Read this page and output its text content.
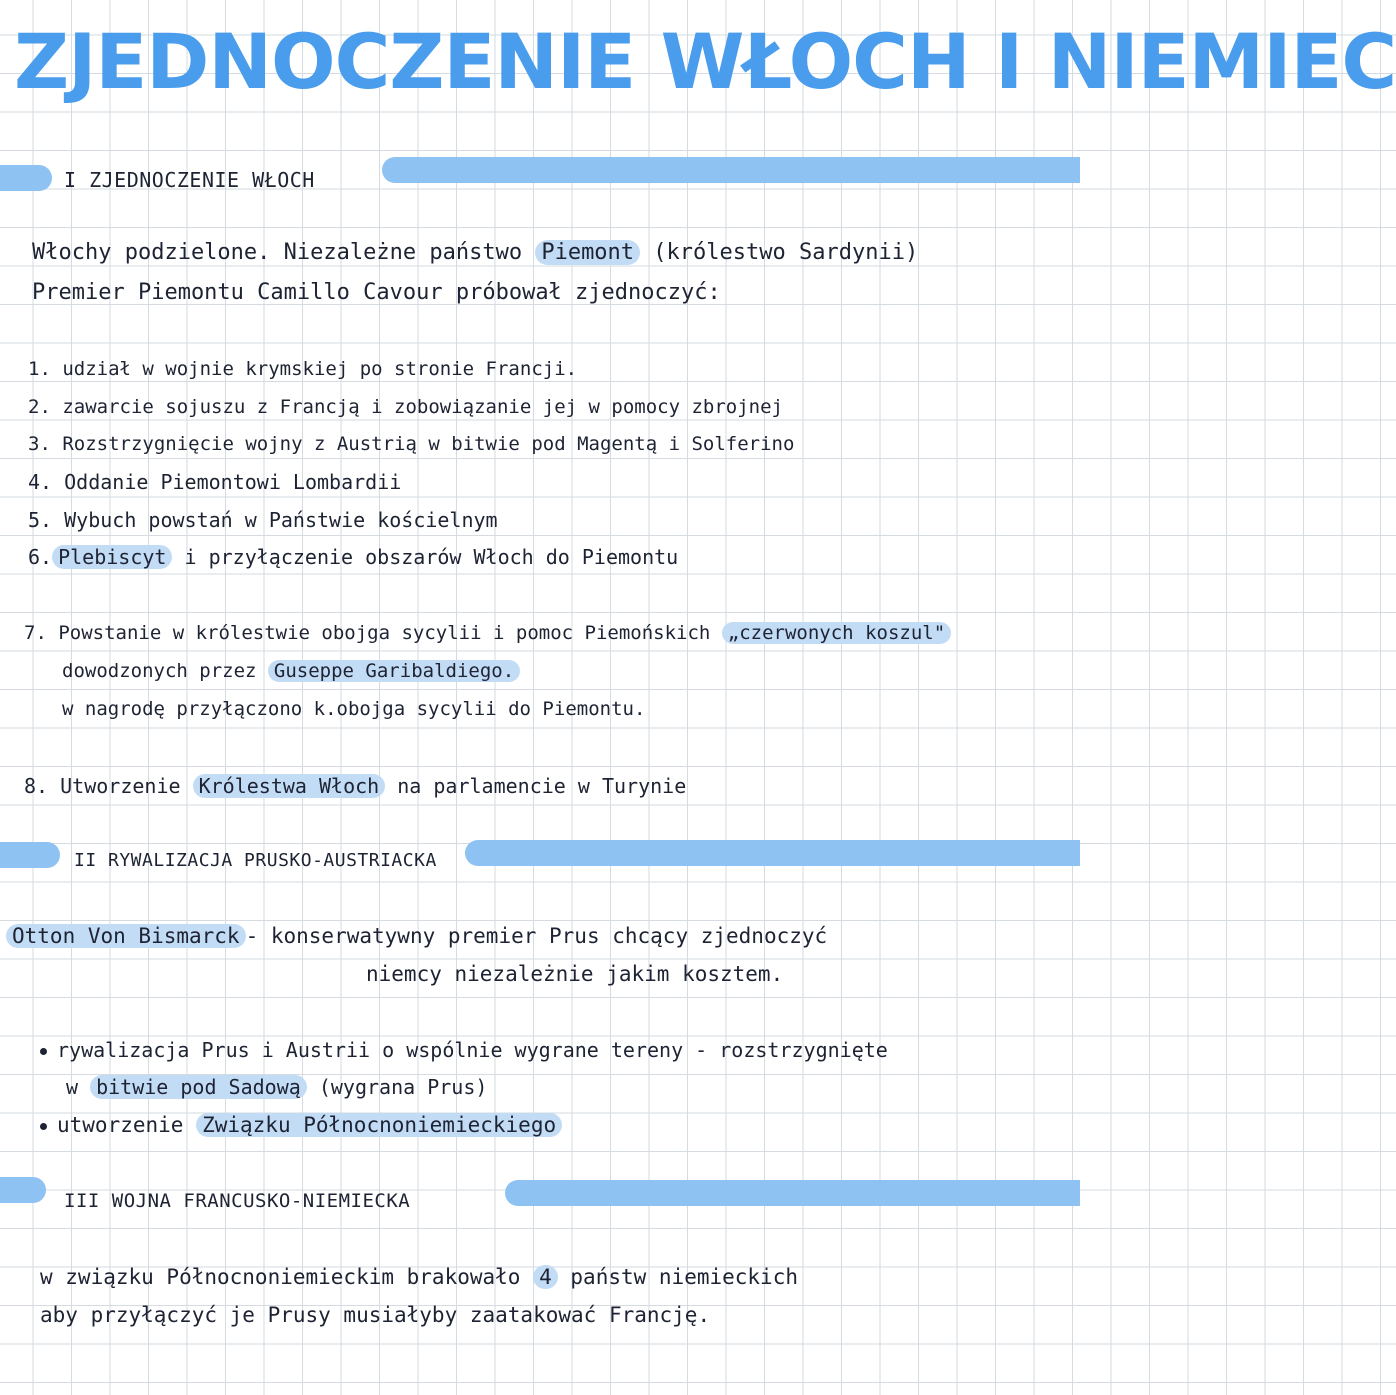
ZJEDNOCZENIE WŁOCH I NIEMIEC
I ZJEDNOCZENIE WŁOCH
Włochy podzielone. Niezależne państwo Piemont (królestwo Sardynii)
Premier Piemontu Camillo Cavour próbował zjednoczyć:
1. udział w wojnie krymskiej po stronie Francji.
2. zawarcie sojuszu z Francją i zobowiązanie jej w pomocy zbrojnej
3. Rozstrzygnięcie wojny z Austrią w bitwie pod Magentą i Solferino
4. Oddanie Piemontowi Lombardii
5. Wybuch powstań w Państwie kościelnym
6. Plebiscyt i przyłączenie obszarów Włoch do Piemontu
7. Powstanie w królestwie obojga sycylii i pomoc Piemońskich „czerwonych koszul"
dowodzonych przez Guseppe Garibaldiego.
w nagrodę przyłączono k.obojga sycylii do Piemontu.
8. Utworzenie Królestwa Włoch na parlamencie w Turynie
II RYWALIZACJA PRUSKO-AUSTRIACKA
Otton Von Bismarck - konserwatywny premier Prus chcący zjednoczyć
niemcy niezależnie jakim kosztem.
rywalizacja Prus i Austrii o wspólnie wygrane tereny - rozstrzygnięte
w bitwie pod Sadową (wygrana Prus)
utworzenie Związku Północnoniemieckiego
III WOJNA FRANCUSKO-NIEMIECKA
w związku Północnoniemieckim brakowało 4 państw niemieckich
aby przyłączyć je Prusy musiałyby zaatakować Francję.
